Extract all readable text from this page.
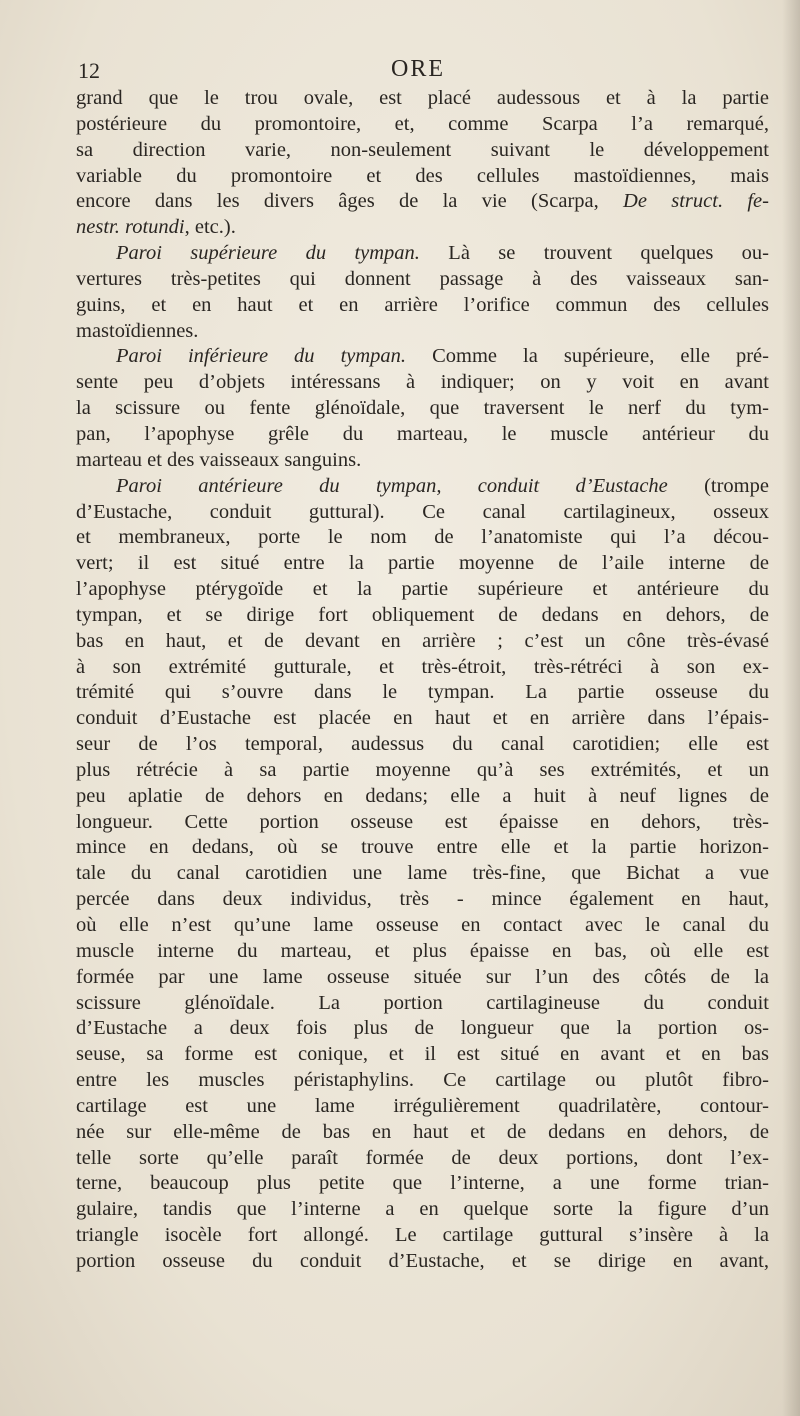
12	ORE
grand que le trou ovale, est placé audessous et à la partie
postérieure du promontoire, et, comme Scarpa l’a remarqué,
sa direction varie, non-seulement suivant le développement
variable du promontoire et des cellules mastoïdiennes, mais
encore dans les divers âges de la vie (Scarpa, De struct. fe-
nestr. rotundi, etc.).
Paroi supérieure du tympan. Là se trouvent quelques ou-
vertures très-petites qui donnent passage à des vaisseaux san-
guins, et en haut et en arrière l’orifice commun des cellules
mastoïdiennes.
Paroi inférieure du tympan. Comme la supérieure, elle pré-
sente peu d’objets intéressans à indiquer; on y voit en avant
la scissure ou fente glénoïdale, que traversent le nerf du tym-
pan, l’apophyse grêle du marteau, le muscle antérieur du
marteau et des vaisseaux sanguins.
Paroi antérieure du tympan, conduit d’Eustache (trompe
d’Eustache, conduit guttural). Ce canal cartilagineux, osseux
et membraneux, porte le nom de l’anatomiste qui l’a décou-
vert; il est situé entre la partie moyenne de l’aile interne de
l’apophyse ptérygoïde et la partie supérieure et antérieure du
tympan, et se dirige fort obliquement de dedans en dehors, de
bas en haut, et de devant en arrière ; c’est un cône très-évasé
à son extrémité gutturale, et très-étroit, très-rétréci à son ex-
trémité qui s’ouvre dans le tympan. La partie osseuse du
conduit d’Eustache est placée en haut et en arrière dans l’épais-
seur de l’os temporal, audessus du canal carotidien; elle est
plus rétrécie à sa partie moyenne qu’à ses extrémités, et un
peu aplatie de dehors en dedans; elle a huit à neuf lignes de
longueur. Cette portion osseuse est épaisse en dehors, très-
mince en dedans, où se trouve entre elle et la partie horizon-
tale du canal carotidien une lame très-fine, que Bichat a vue
percée dans deux individus, très - mince également en haut,
où elle n’est qu’une lame osseuse en contact avec le canal du
muscle interne du marteau, et plus épaisse en bas, où elle est
formée par une lame osseuse située sur l’un des côtés de la
scissure glénoïdale. La portion cartilagineuse du conduit
d’Eustache a deux fois plus de longueur que la portion os-
seuse, sa forme est conique, et il est situé en avant et en bas
entre les muscles péristaphylins. Ce cartilage ou plutôt fibro-
cartilage est une lame irrégulièrement quadrilatère, contour-
née sur elle-même de bas en haut et de dedans en dehors, de
telle sorte qu’elle paraît formée de deux portions, dont l’ex-
terne, beaucoup plus petite que l’interne, a une forme trian-
gulaire, tandis que l’interne a en quelque sorte la figure d’un
triangle isocèle fort allongé. Le cartilage guttural s’insère à la
portion osseuse du conduit d’Eustache, et se dirige en avant,
